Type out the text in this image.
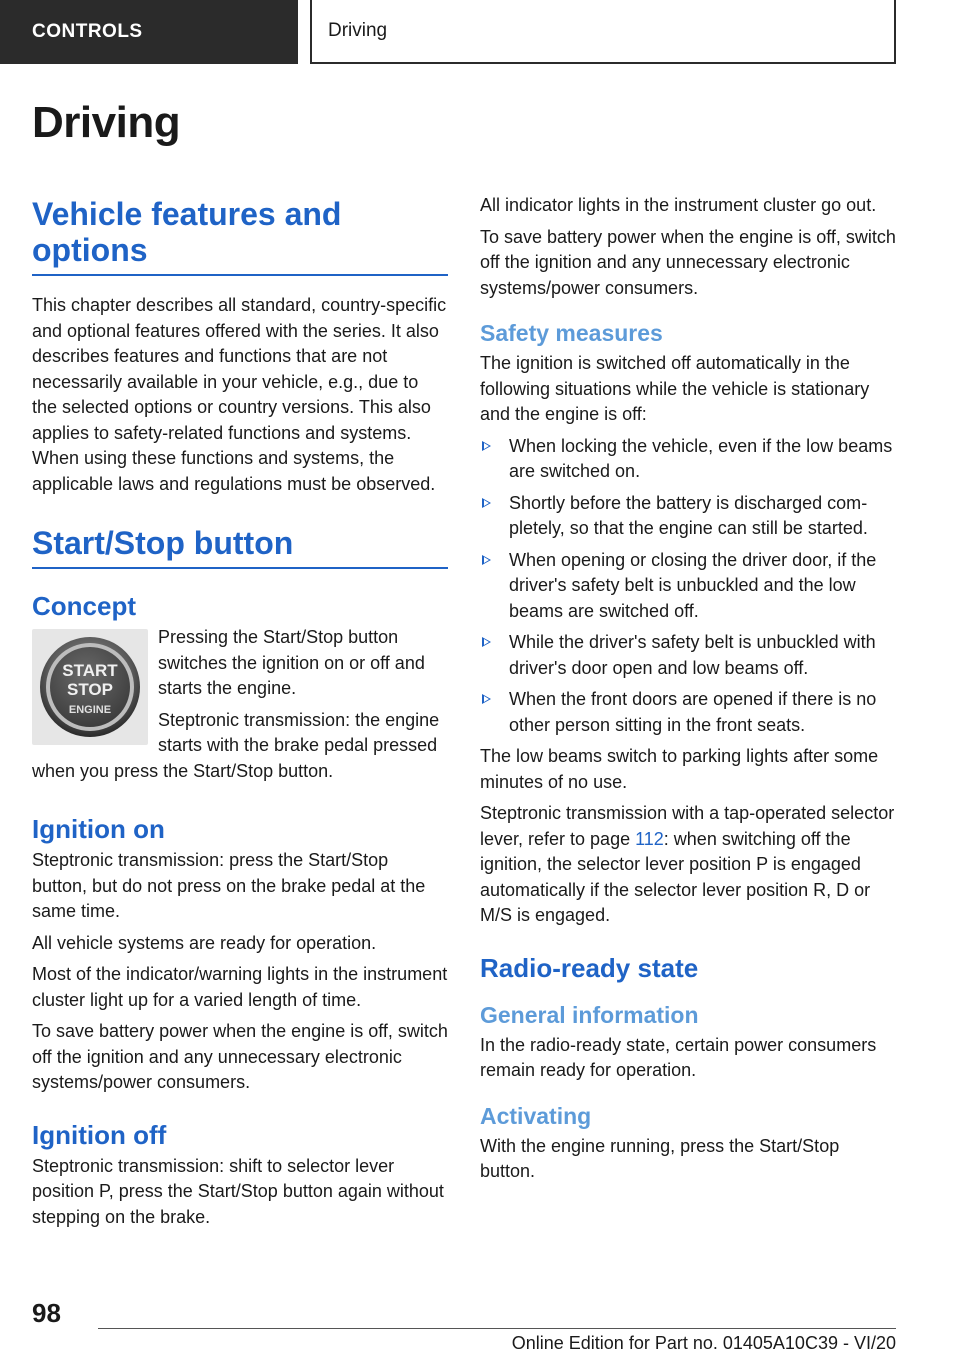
CONTROLS	Driving
Driving
Vehicle features and options

This chapter describes all standard, country-specific and optional features offered with the series. It also describes features and functions that are not necessarily available in your vehicle, e.g., due to the selected options or country versions. This also applies to safety-related functions and systems. When using these functions and systems, the applicable laws and regulations must be observed.

Start/Stop button
Concept
START
STOP
ENGINE

Pressing the Start/Stop button switches the ignition on or off and starts the engine.

Steptronic transmission: the engine starts with the brake pedal pressed when you press the Start/Stop button.

Ignition on

Steptronic transmission: press the Start/Stop button, but do not press on the brake pedal at the same time.

All vehicle systems are ready for operation.

Most of the indicator/warning lights in the instrument cluster light up for a varied length of time.

To save battery power when the engine is off, switch off the ignition and any unnecessary electronic systems/power consumers.

Ignition off

Steptronic transmission: shift to selector lever position P, press the Start/Stop button again without stepping on the brake.

All indicator lights in the instrument cluster go out.

To save battery power when the engine is off, switch off the ignition and any unnecessary electronic systems/power consumers.

Safety measures

The ignition is switched off automatically in the following situations while the vehicle is stationary and the engine is off:

When locking the vehicle, even if the low beams are switched on.
Shortly before the battery is discharged completely, so that the engine can still be started.
When opening or closing the driver door, if the driver's safety belt is unbuckled and the low beams are switched off.
While the driver's safety belt is unbuckled with driver's door open and low beams off.
When the front doors are opened if there is no other person sitting in the front seats.

The low beams switch to parking lights after some minutes of no use.

Steptronic transmission with a tap-operated selector lever, refer to page 112: when switching off the ignition, the selector lever position P is engaged automatically if the selector lever position R, D or M/S is engaged.

Radio-ready state
General information

In the radio-ready state, certain power consumers remain ready for operation.

Activating

With the engine running, press the Start/Stop button.

98
Online Edition for Part no. 01405A10C39 - VI/20
